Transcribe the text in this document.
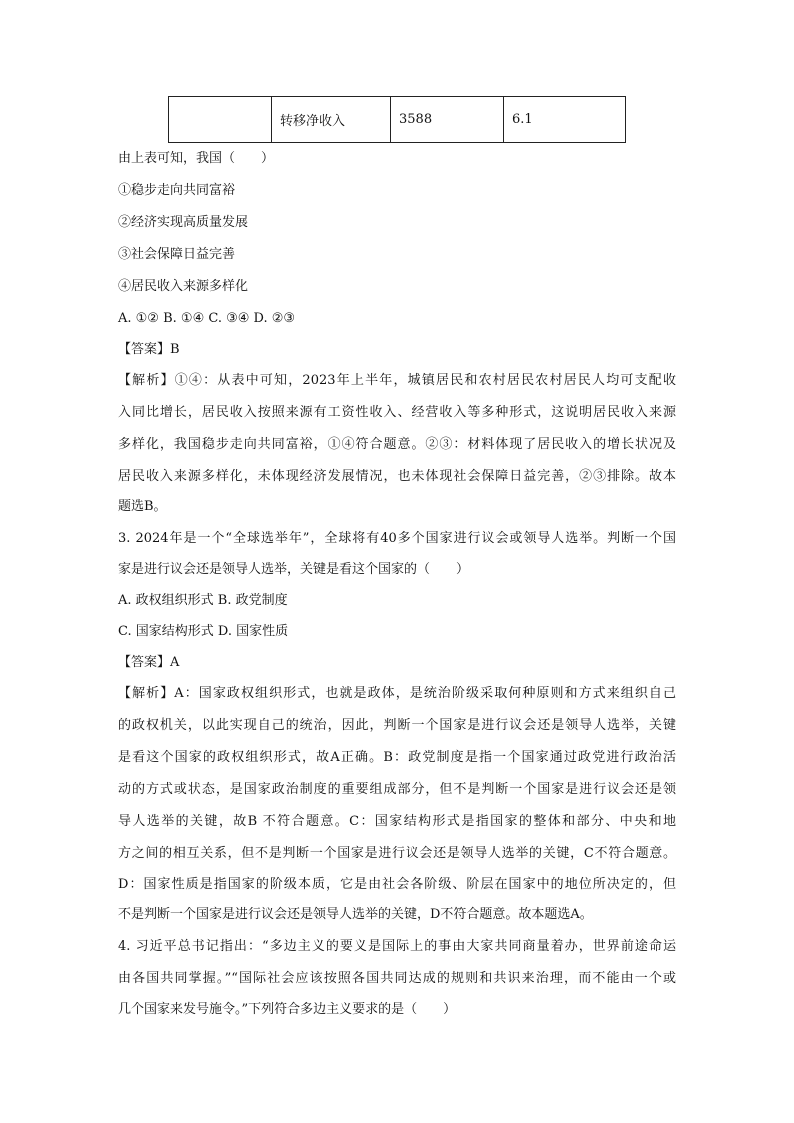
	转移净收入	3588	6.1
由上表可知，我国（　　）
①稳步走向共同富裕
②经济实现高质量发展
③社会保障日益完善
④居民收入来源多样化
A. ①② B. ①④ C. ③④ D. ②③
【答案】B
【解析】①④：从表中可知，2023年上半年，城镇居民和农村居民农村居民人均可支配收
入同比增长，居民收入按照来源有工资性收入、经营收入等多种形式，这说明居民收入来源
多样化，我国稳步走向共同富裕，①④符合题意。②③：材料体现了居民收入的增长状况及
居民收入来源多样化，未体现经济发展情况，也未体现社会保障日益完善，②③排除。故本
题选B。
3. 2024年是一个“全球选举年”，全球将有40多个国家进行议会或领导人选举。判断一个国
家是进行议会还是领导人选举，关键是看这个国家的（　　）
A. 政权组织形式 B. 政党制度
C. 国家结构形式 D. 国家性质
【答案】A
【解析】A：国家政权组织形式，也就是政体，是统治阶级采取何种原则和方式来组织自己
的政权机关，以此实现自己的统治，因此，判断一个国家是进行议会还是领导人选举，关键
是看这个国家的政权组织形式，故A正确。B：政党制度是指一个国家通过政党进行政治活
动的方式或状态，是国家政治制度的重要组成部分，但不是判断一个国家是进行议会还是领
导人选举的关键，故B 不符合题意。C：国家结构形式是指国家的整体和部分、中央和地
方之间的相互关系，但不是判断一个国家是进行议会还是领导人选举的关键，C不符合题意。
D：国家性质是指国家的阶级本质，它是由社会各阶级、阶层在国家中的地位所决定的，但
不是判断一个国家是进行议会还是领导人选举的关键，D不符合题意。故本题选A。
4. 习近平总书记指出：“多边主义的要义是国际上的事由大家共同商量着办，世界前途命运
由各国共同掌握。”“国际社会应该按照各国共同达成的规则和共识来治理，而不能由一个或
几个国家来发号施令。”下列符合多边主义要求的是（　　）
